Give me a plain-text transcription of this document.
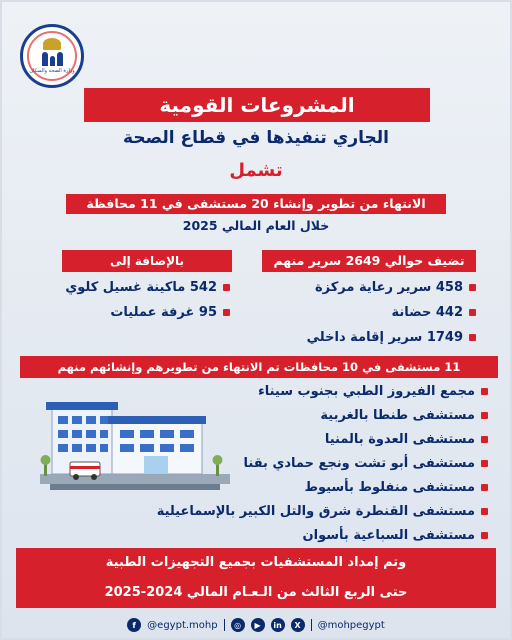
وزارة الصحة والسكان
المشروعات القومية
الجاري تنفيذها في قطاع الصحة
تشمل
الانتهاء من تطوير وإنشاء 20 مستشفى في 11 محافظة
خلال العام المالي 2025
تضيف حوالي 2649 سرير منهم
بالإضافة إلى
458 سرير رعاية مركزة
442 حضانة
1749 سرير إقامة داخلي
542 ماكينة غسيل كلوي
95 غرفة عمليات
11 مستشفى في 10 محافظات تم الانتهاء من تطويرهم وإنشائهم منهم
مجمع الفيروز الطبي بجنوب سيناء
مستشفى طنطا بالغربية
مستشفى العدوة بالمنيا
مستشفى أبو تشت ونجع حمادي بقنا
مستشفى منفلوط بأسيوط
مستشفى القنطرة شرق والتل الكبير بالإسماعيلية
مستشفى السباعية بأسوان
وتم إمداد المستشفيات بجميع التجهيزات الطبية
حتى الربع الثالث من الـعـام المالي 2024-2025
f	@egypt.mohp	◎	▶	in	X	@mohpegypt
